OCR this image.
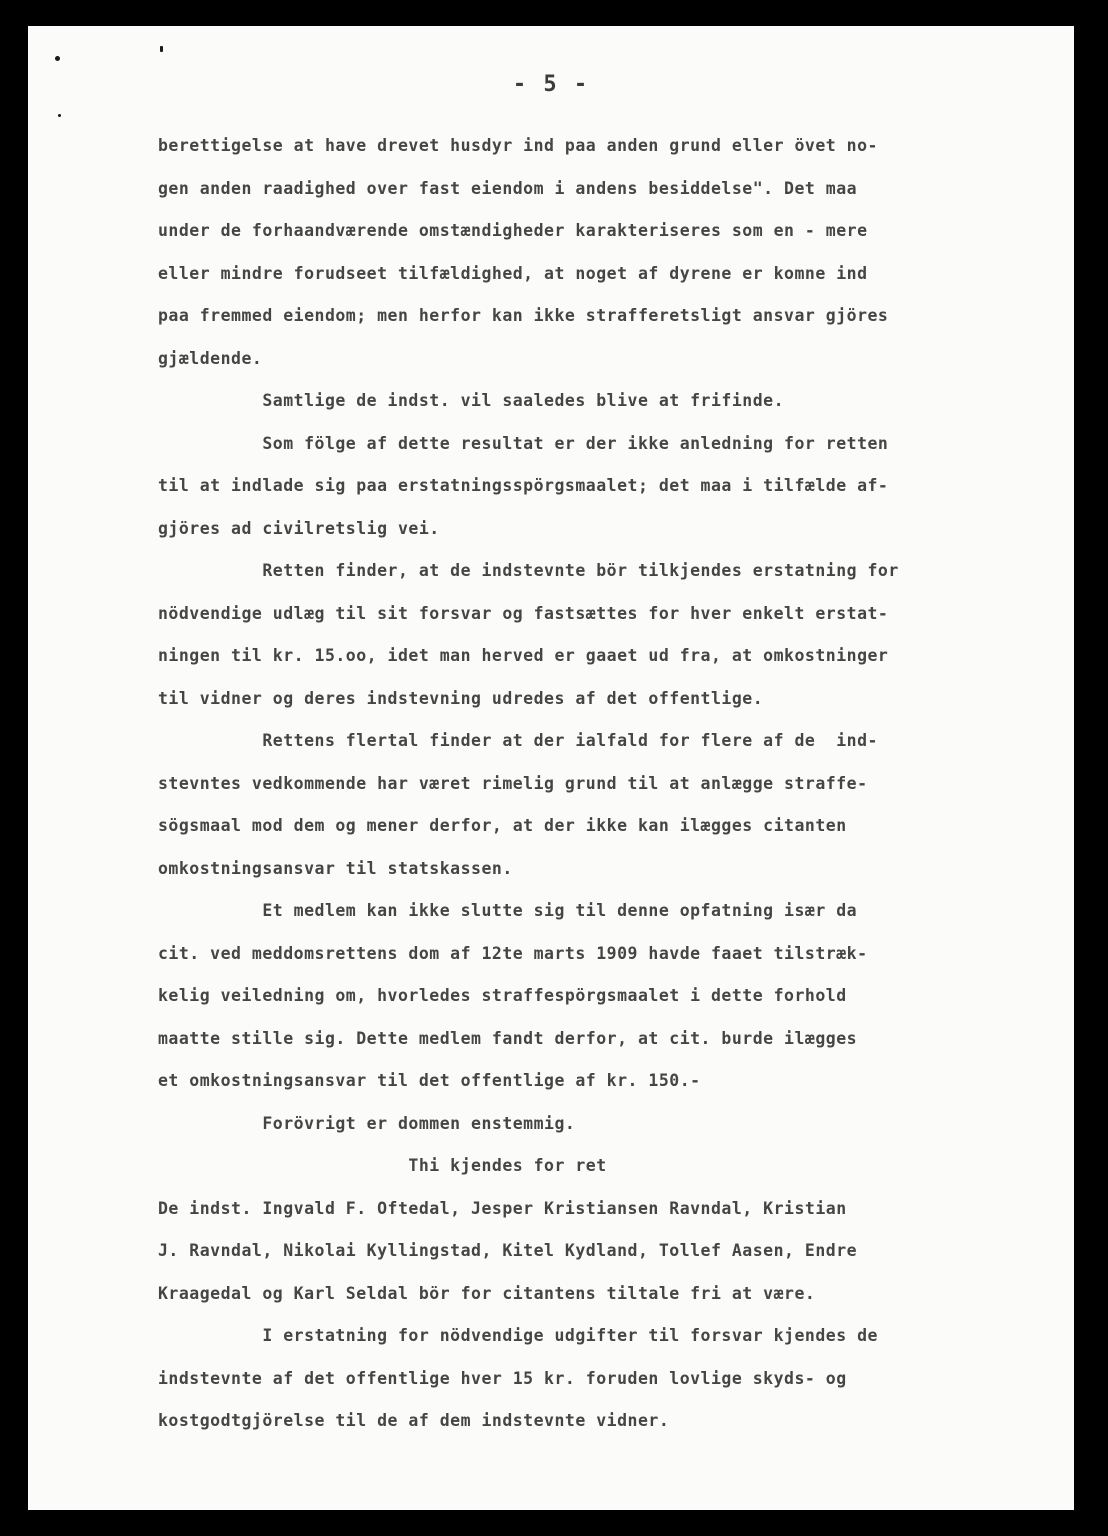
- 5 -
berettigelse at have drevet husdyr ind paa anden grund eller övet no-
gen anden raadighed over fast eiendom i andens besiddelse". Det maa
under de forhaandværende omstændigheder karakteriseres som en - mere
eller mindre forudseet tilfældighed, at noget af dyrene er komne ind
paa fremmed eiendom; men herfor kan ikke strafferetsligt ansvar gjöres
gjældende.
Samtlige de indst. vil saaledes blive at frifinde.
Som fölge af dette resultat er der ikke anledning for retten
til at indlade sig paa erstatningsspörgsmaalet; det maa i tilfælde af-
gjöres ad civilretslig vei.
Retten finder, at de indstevnte bör tilkjendes erstatning for
nödvendige udlæg til sit forsvar og fastsættes for hver enkelt erstat-
ningen til kr. 15.oo, idet man herved er gaaet ud fra, at omkostninger
til vidner og deres indstevning udredes af det offentlige.
Rettens flertal finder at der ialfald for flere af de  ind-
stevntes vedkommende har været rimelig grund til at anlægge straffe-
sögsmaal mod dem og mener derfor, at der ikke kan ilægges citanten
omkostningsansvar til statskassen.
Et medlem kan ikke slutte sig til denne opfatning især da
cit. ved meddomsrettens dom af 12te marts 1909 havde faaet tilstræk-
kelig veiledning om, hvorledes straffespörgsmaalet i dette forhold
maatte stille sig. Dette medlem fandt derfor, at cit. burde ilægges
et omkostningsansvar til det offentlige af kr. 150.-
Forövrigt er dommen enstemmig.
Thi kjendes for ret
De indst. Ingvald F. Oftedal, Jesper Kristiansen Ravndal, Kristian
J. Ravndal, Nikolai Kyllingstad, Kitel Kydland, Tollef Aasen, Endre
Kraagedal og Karl Seldal bör for citantens tiltale fri at være.
I erstatning for nödvendige udgifter til forsvar kjendes de
indstevnte af det offentlige hver 15 kr. foruden lovlige skyds- og
kostgodtgjörelse til de af dem indstevnte vidner.
